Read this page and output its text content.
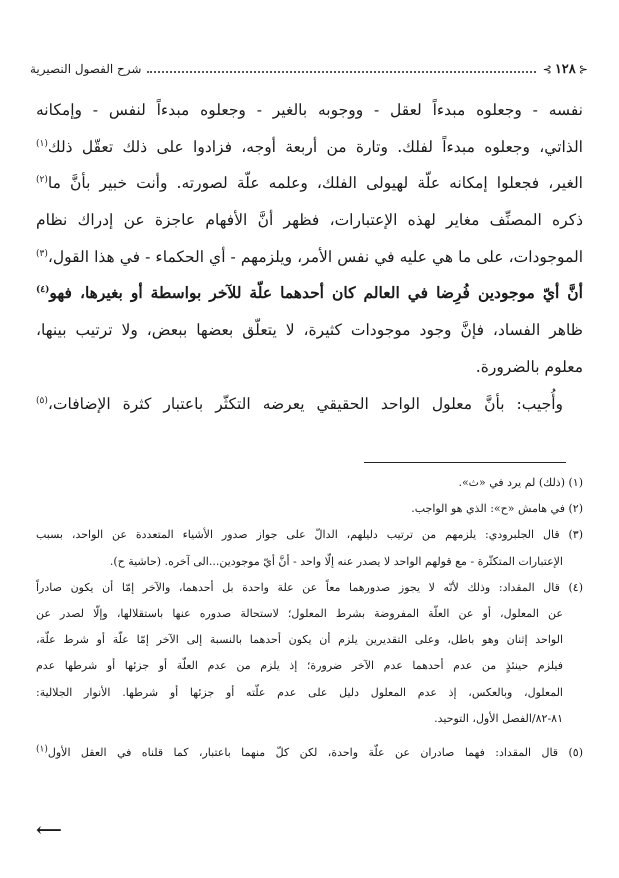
⊰
١٢٨
⊱
شرح الفصول النصيرية
نفسه - وجعلوه مبدءاً لعقل - ووجوبه بالغير - وجعلوه مبدءاً لنفس - وإمكانه
الذاتي، وجعلوه مبدءاً لفلك. وتارة من أربعة أوجه، فزادوا على ذلك تعقّل ذلك$^{(١)}$
الغير، فجعلوا إمكانه علّة لهيولى الفلك، وعلمه علّة لصورته. وأنت خبير بأنَّ ما$^{(٢)}$
ذكره المصنِّف مغاير لهذه الإعتبارات، فظهر أنَّ الأفهام عاجزة عن إدراك نظام
الموجودات، على ما هي عليه في نفس الأمر، ويلزمهم - أي الحكماء - في هذا القول،$^{(٣)}$
أنَّ أيّ موجودين فُرِضا في العالم كان أحدهما علّة للآخر بواسطة أو بغيرها، فهو$^{(٤)}$
ظاهر الفساد، فإنَّ وجود موجودات كثيرة، لا يتعلّق بعضها ببعض، ولا ترتيب بينها،
معلوم بالضرورة.
وأُجيب: بأنَّ معلول الواحد الحقيقي يعرضه التكثّر باعتبار كثرة الإضافات،$^{(٥)}$
(١) (ذلك) لم يرد في «ث».
(٢) في هامش «ح»: الذي هو الواجب.
(٣) قال الجلبرودي: يلزمهم من ترتيب دليلهم، الدالّ على جواز صدور الأشياء المتعددة عن الواحد، بسبب
الإعتبارات المتكثّرة - مع قولهم الواحد لا يصدر عنه إلّا واحد - أنَّ أيّ موجودين...الى آخره. (حاشية ح).
(٤) قال المقداد: وذلك لأنّه لا يجوز صدورهما معاً عن علة واحدة بل أحدهما، والآخر إمّا أن يكون صادراً
عن المعلول، أو عن العلّة المفروضة بشرط المعلول؛ لاستحالة صدوره عنها باستقلالها، وإلّا لصدر عن
الواحد إثنان وهو باطل، وعلى التقديرين يلزم أن يكون أحدهما بالنسبة إلى الآخر إمّا علّة أو شرط علّة،
فيلزم حينئذٍ من عدم أحدهما عدم الآخر ضرورة؛ إذ يلزم من عدم العلّة أو جزئها أو شرطها عدم
المعلول، وبالعكس، إذ عدم المعلول دليل على عدم علّته أو جزئها أو شرطها. الأنوار الجلالية:
٨١-٨٢/الفصل الأول، التوحيد.
(٥) قال المقداد: فهما صادران عن علّة واحدة، لكن كلّ منهما باعتبار، كما قلناه في العقل الأول$^{(١)}$
⟵
